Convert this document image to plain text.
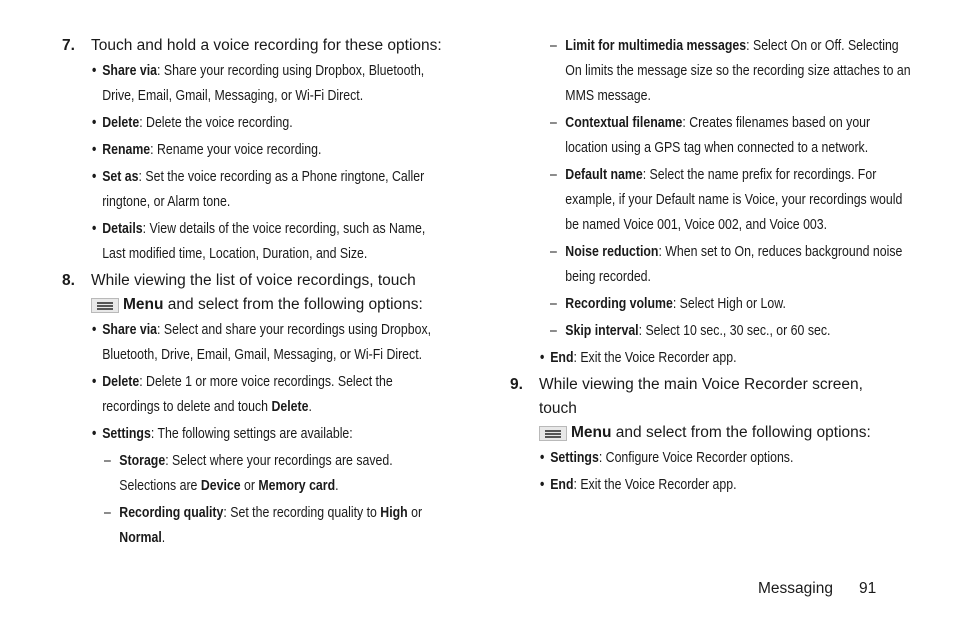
7. Touch and hold a voice recording for these options:
• Share via: Share your recording using Dropbox, Bluetooth, Drive, Email, Gmail, Messaging, or Wi-Fi Direct.
• Delete: Delete the voice recording.
• Rename: Rename your voice recording.
• Set as: Set the voice recording as a Phone ringtone, Caller ringtone, or Alarm tone.
• Details: View details of the voice recording, such as Name, Last modified time, Location, Duration, and Size.
8. While viewing the list of voice recordings, touch

Menu and select from the following options:
• Share via: Select and share your recordings using Dropbox, Bluetooth, Drive, Email, Gmail, Messaging, or Wi-Fi Direct.
• Delete: Delete 1 or more voice recordings. Select the recordings to delete and touch Delete.
• Settings: The following settings are available:
– Storage: Select where your recordings are saved. Selections are Device or Memory card.
– Recording quality: Set the recording quality to High or Normal.
– Limit for multimedia messages: Select On or Off. Selecting On limits the message size so the recording size attaches to an MMS message.
– Contextual filename: Creates filenames based on your location using a GPS tag when connected to a network.
– Default name: Select the name prefix for recordings. For example, if your Default name is Voice, your recordings would be named Voice 001, Voice 002, and Voice 003.
– Noise reduction: When set to On, reduces background noise being recorded.
– Recording volume: Select High or Low.
– Skip interval: Select 10 sec., 30 sec., or 60 sec.
• End: Exit the Voice Recorder app.
9. While viewing the main Voice Recorder screen, touch

Menu and select from the following options:
• Settings: Configure Voice Recorder options.
• End: Exit the Voice Recorder app.
Messaging 91
